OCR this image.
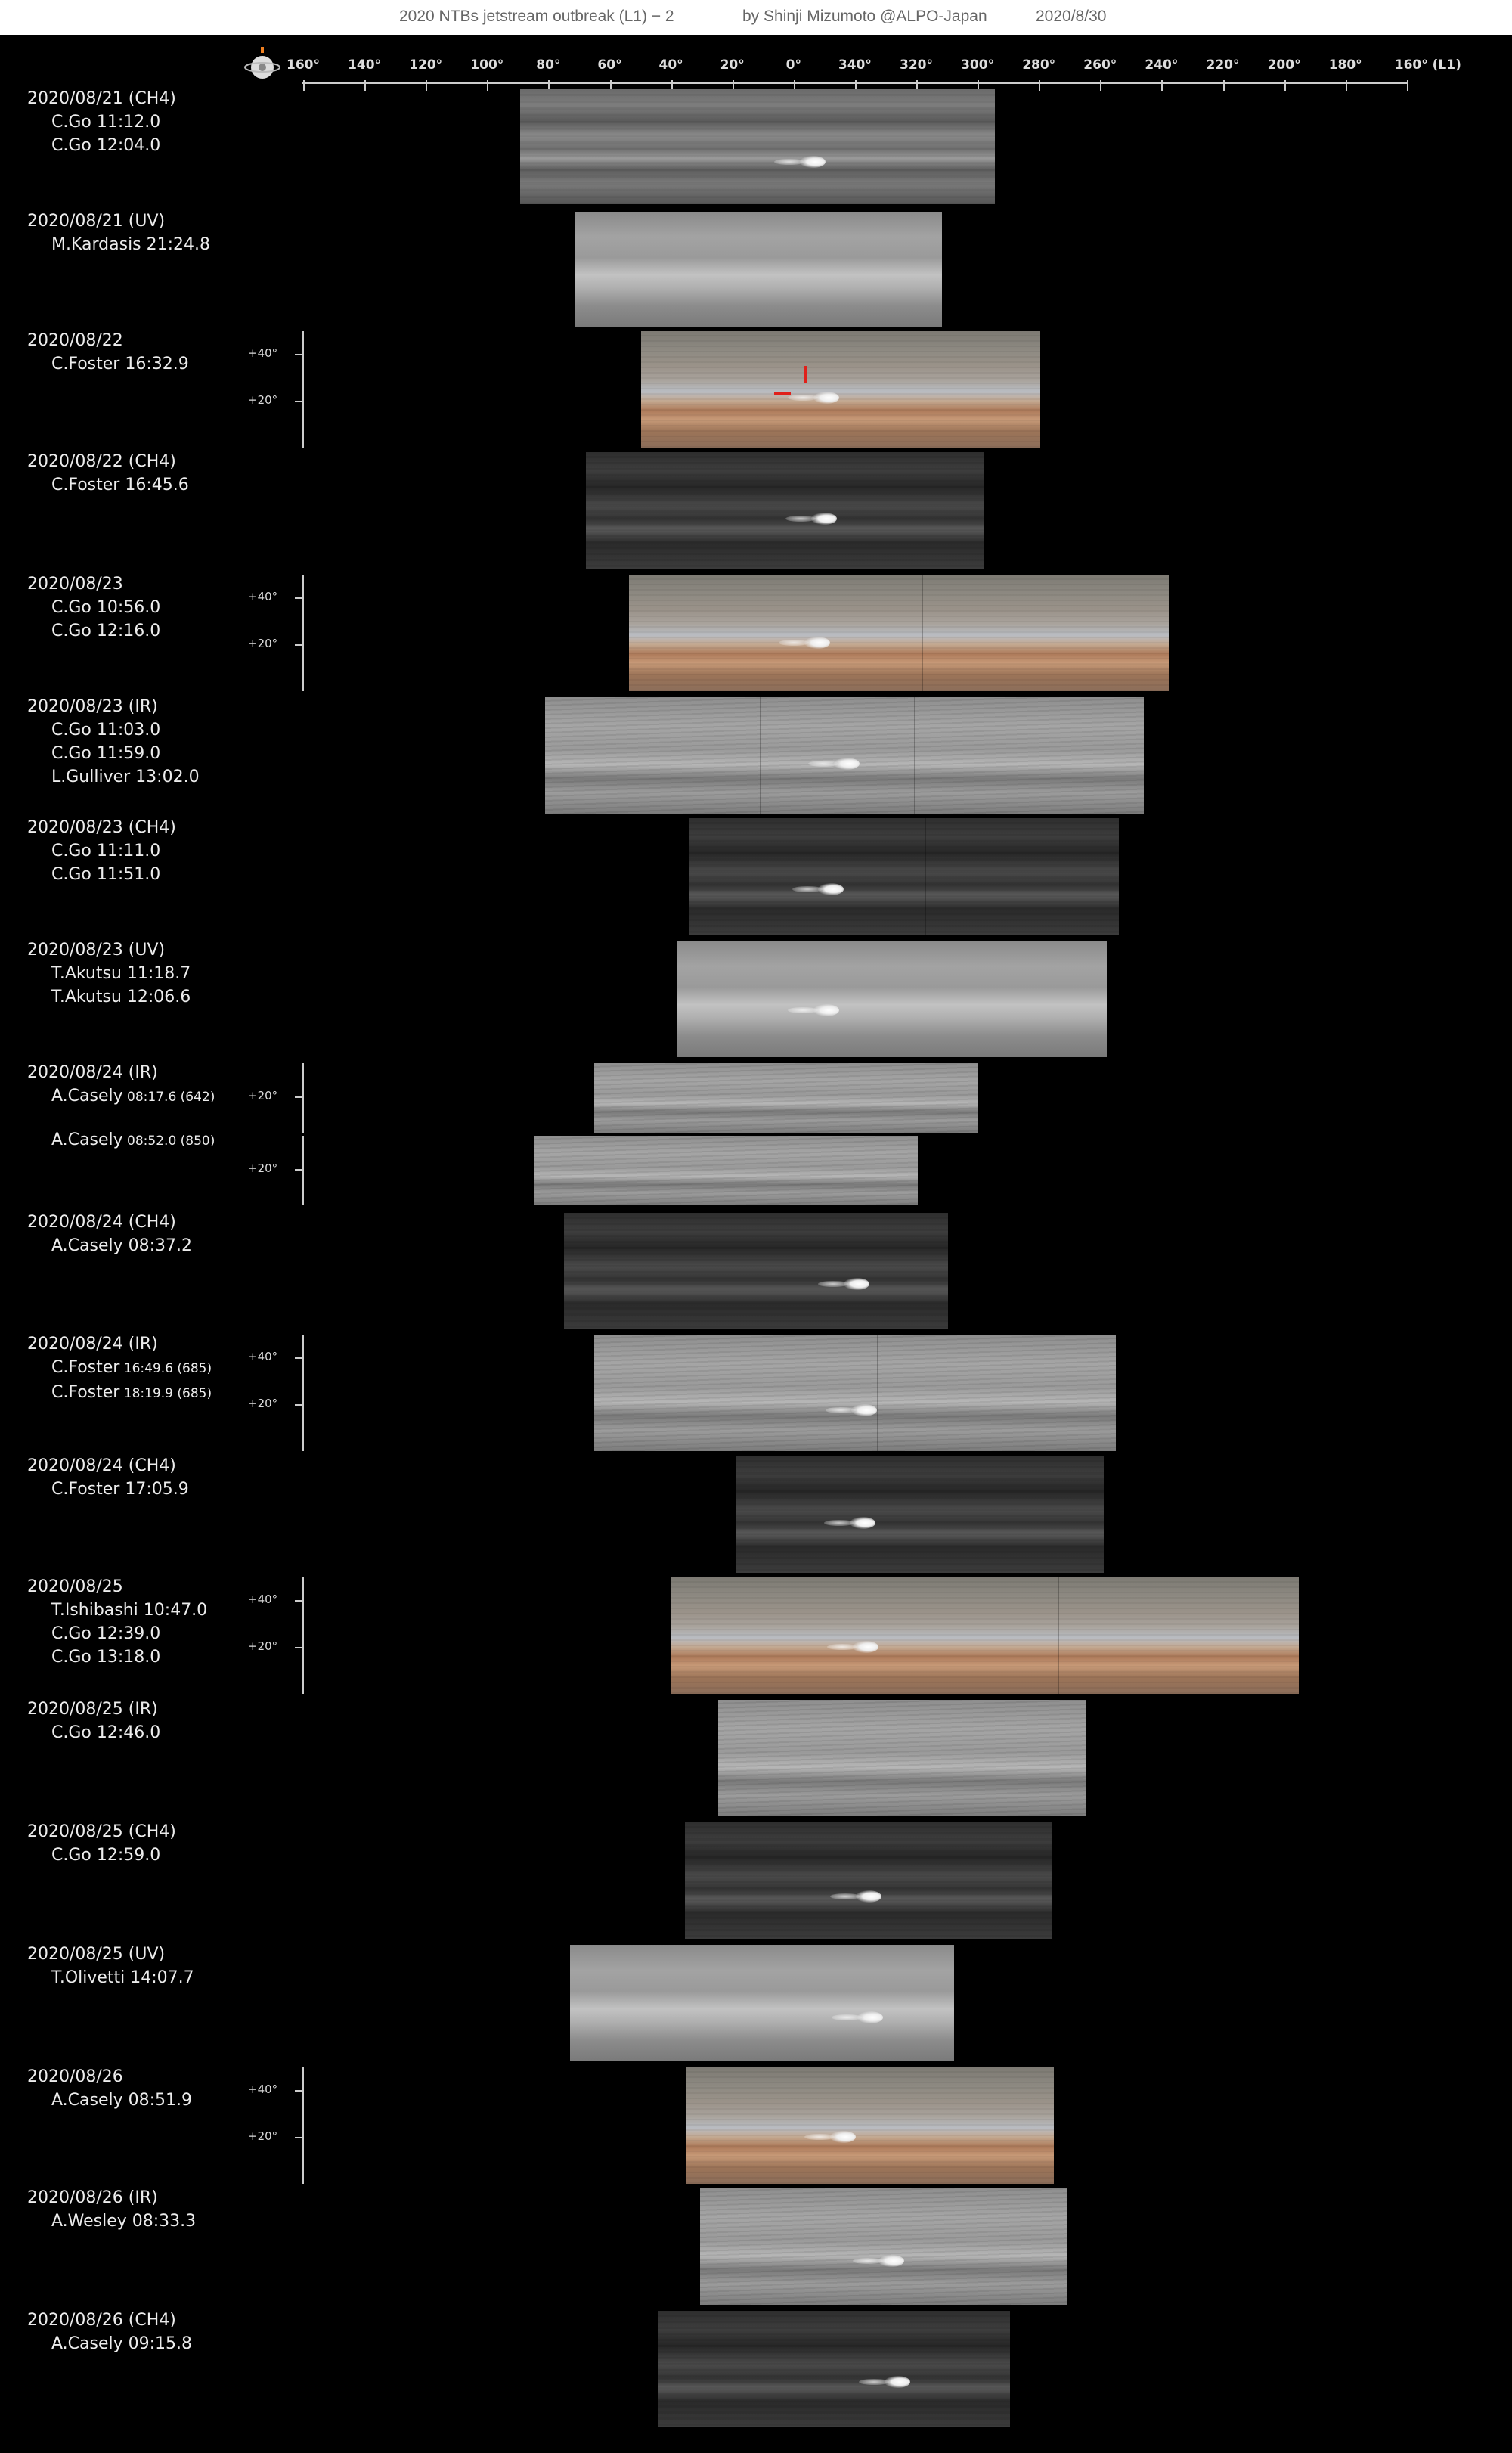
2020 NTBs jetstream outbreak (L1) − 2	by Shinji Mizumoto @ALPO-Japan	2020/8/30
160° 140° 120° 100°	80°	60°	40°	20°	0°	340° 320° 300° 280° 260° 240° 220° 200° 180°	160° (L1)
2020/08/21 (CH4)
C.Go 11:12.0
C.Go 12:04.0
2020/08/21 (UV)
M.Kardasis 21:24.8
2020/08/22
C.Foster 16:32.9
+40°
+20°
2020/08/22 (CH4)
C.Foster 16:45.6
2020/08/23
C.Go 10:56.0
C.Go 12:16.0
+40°
+20°
2020/08/23 (IR)
C.Go 11:03.0
C.Go 11:59.0
L.Gulliver 13:02.0
2020/08/23 (CH4)
C.Go 11:11.0
C.Go 11:51.0
2020/08/23 (UV)
T.Akutsu 11:18.7
T.Akutsu 12:06.6
2020/08/24 (IR)
A.Casely 08:17.6 (642)	+20°
A.Casely 08:52.0 (850)
+20°
2020/08/24 (CH4)
A.Casely 08:37.2
2020/08/24 (IR)
C.Foster 16:49.6 (685)
C.Foster 18:19.9 (685)
+40°
+20°
2020/08/24 (CH4)
C.Foster 17:05.9
2020/08/25
T.Ishibashi 10:47.0
C.Go 12:39.0
C.Go 13:18.0
+40°
+20°
2020/08/25 (IR)
C.Go 12:46.0
2020/08/25 (CH4)
C.Go 12:59.0
2020/08/25 (UV)
T.Olivetti 14:07.7
2020/08/26
A.Casely 08:51.9
+40°
+20°
2020/08/26 (IR)
A.Wesley 08:33.3
2020/08/26 (CH4)
A.Casely 09:15.8
